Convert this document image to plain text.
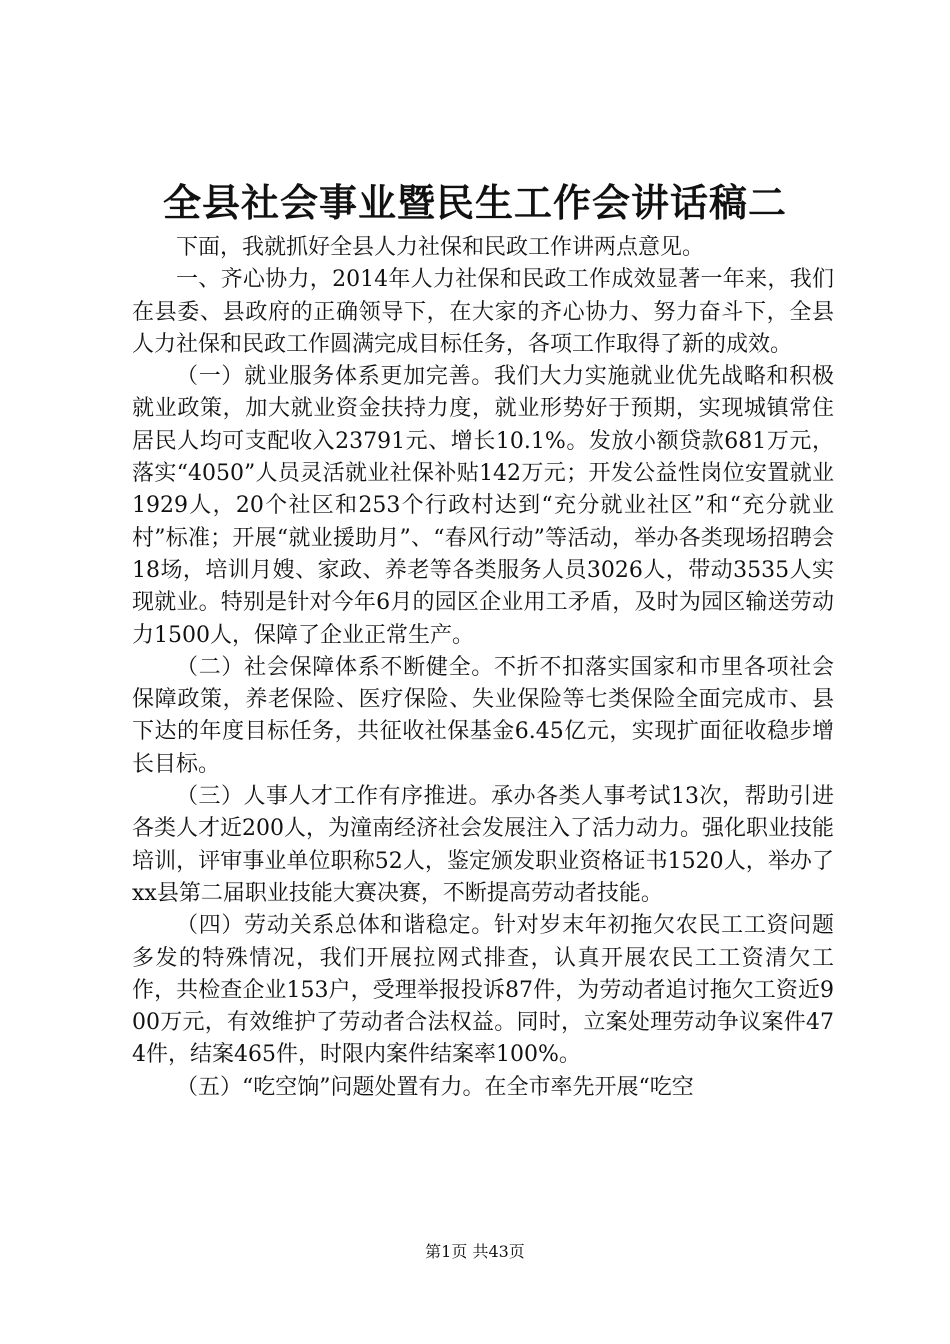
全县社会事业暨民生工作会讲话稿二

下面，我就抓好全县人力社保和民政工作讲两点意见。

一、齐心协力，2014年人力社保和民政工作成效显著一年来，我们在县委、县政府的正确领导下，在大家的齐心协力、努力奋斗下，全县人力社保和民政工作圆满完成目标任务，各项工作取得了新的成效。

（一）就业服务体系更加完善。我们大力实施就业优先战略和积极就业政策，加大就业资金扶持力度，就业形势好于预期，实现城镇常住居民人均可支配收入23791元、增长10.1%。发放小额贷款681万元，落实“4050”人员灵活就业社保补贴142万元；开发公益性岗位安置就业1929人，20个社区和253个行政村达到“充分就业社区”和“充分就业村”标准；开展“就业援助月”、“春风行动”等活动，举办各类现场招聘会18场，培训月嫂、家政、养老等各类服务人员3026人，带动3535人实现就业。特别是针对今年6月的园区企业用工矛盾，及时为园区输送劳动力1500人，保障了企业正常生产。

（二）社会保障体系不断健全。不折不扣落实国家和市里各项社会保障政策，养老保险、医疗保险、失业保险等七类保险全面完成市、县下达的年度目标任务，共征收社保基金6.45亿元，实现扩面征收稳步增长目标。

（三）人事人才工作有序推进。承办各类人事考试13次，帮助引进各类人才近200人，为潼南经济社会发展注入了活力动力。强化职业技能培训，评审事业单位职称52人，鉴定颁发职业资格证书1520人，举办了xx县第二届职业技能大赛决赛，不断提高劳动者技能。

（四）劳动关系总体和谐稳定。针对岁末年初拖欠农民工工资问题多发的特殊情况，我们开展拉网式排查，认真开展农民工工资清欠工作，共检查企业153户，受理举报投诉87件，为劳动者追讨拖欠工资近900万元，有效维护了劳动者合法权益。同时，立案处理劳动争议案件474件，结案465件，时限内案件结案率100%。

（五）“吃空饷”问题处置有力。在全市率先开展“吃空

第1页 共43页
